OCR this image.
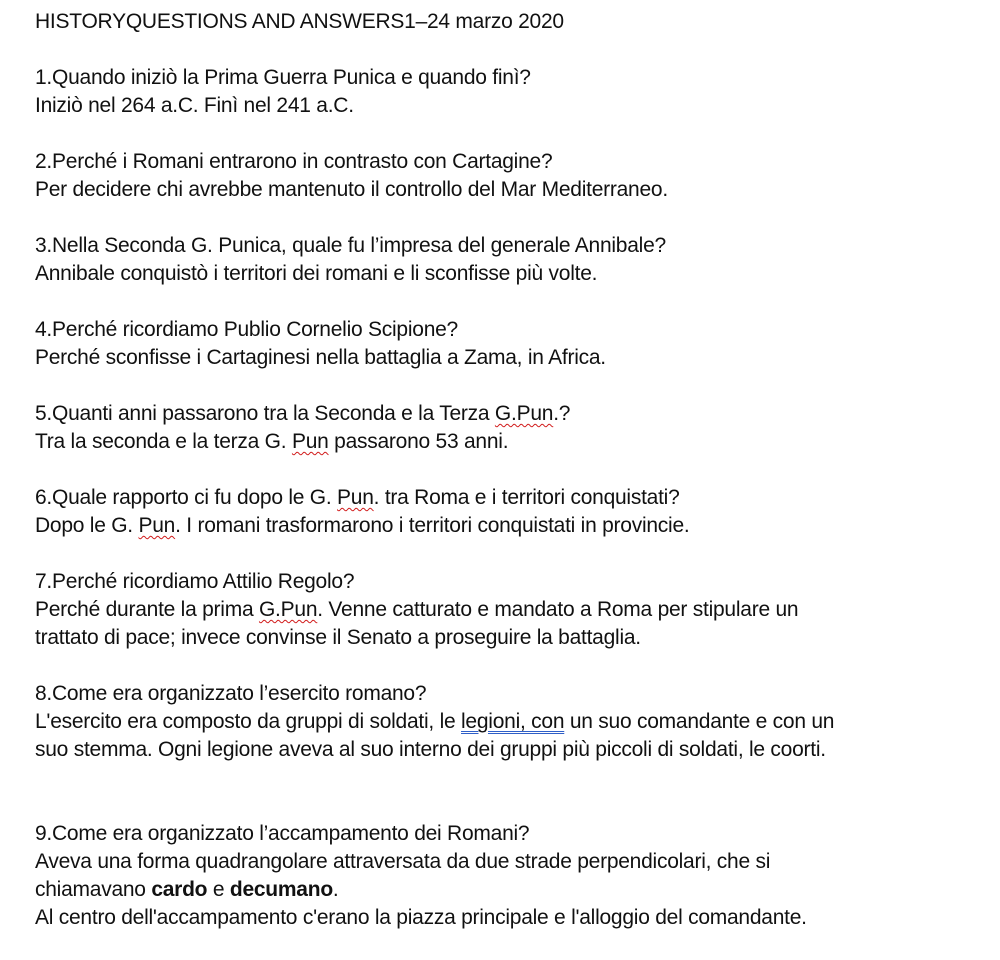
HISTORYQUESTIONS AND ANSWERS1–24 marzo 2020
1.Quando iniziò la Prima Guerra Punica e quando finì?
Iniziò nel 264 a.C. Finì nel 241 a.C.
2.Perché i Romani entrarono in contrasto con Cartagine?
Per decidere chi avrebbe mantenuto il controllo del Mar Mediterraneo.
3.Nella Seconda G. Punica, quale fu l’impresa del generale Annibale?
Annibale conquistò i territori dei romani e li sconfisse più volte.
4.Perché ricordiamo Publio Cornelio Scipione?
Perché sconfisse i Cartaginesi nella battaglia a Zama, in Africa.
5.Quanti anni passarono tra la Seconda e la Terza G.Pun.?
Tra la seconda e la terza G. Pun passarono 53 anni.
6.Quale rapporto ci fu dopo le G. Pun. tra Roma e i territori conquistati?
Dopo le G. Pun. I romani trasformarono i territori conquistati in provincie.
7.Perché ricordiamo Attilio Regolo?
Perché durante la prima G.Pun. Venne catturato e mandato a Roma per stipulare un
trattato di pace; invece convinse il Senato a proseguire la battaglia.
8.Come era organizzato l’esercito romano?
L'esercito era composto da gruppi di soldati, le legioni, con un suo comandante e con un
suo stemma. Ogni legione aveva al suo interno dei gruppi più piccoli di soldati, le coorti.
9.Come era organizzato l’accampamento dei Romani?
Aveva una forma quadrangolare attraversata da due strade perpendicolari, che si
chiamavano cardo e decumano.
Al centro dell'accampamento c'erano la piazza principale e l'alloggio del comandante.
